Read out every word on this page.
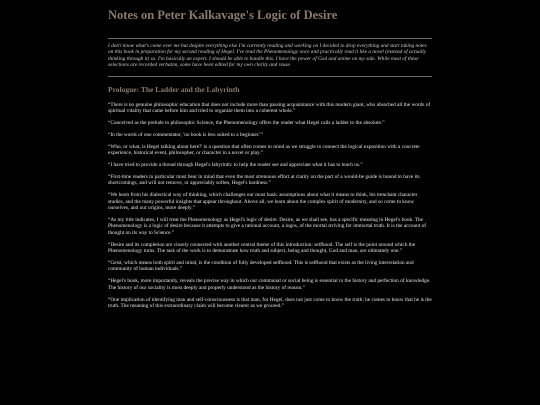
Notes on Peter Kalkavage's Logic of Desire

I don't know what's come over me but despite everything else I'm currently reading and working on I decided to drop everything and start taking notes on this book in preparation for my second reading of Hegel. I've read the Phenomenology once and practically read it like a novel (instead of actually thinking through it) so. I'm basically an expert. I should be able to handle this. I have the power of God and anime on my side. While most of these selections are recorded verbatim, some have been edited for my own clarity and reuse.

Prologue: The Ladder and the Labyrinth

“There is no genuine philosophic education that does not include more than passing acquaintance with this modern giant, who absorbed all the words of spiritual vitality that came before him and tried to organize them into a coherent whole.”

“Conceived as the prelude to philosophic Science, the Phenomenology offers the reader what Hegel calls a ladder to the absolute.”

“In the words of one commentator, 'no book is less suited to a beginner.'”

“Who, or what, is Hegel talking about here?' is a question that often comes to mind as we struggle to connect the logical exposition with a concrete experience, historical event, philosopher, or character in a novel or play.”

“I have tried to provide a thread through Hegel's labyrinth: to help the reader see and appreciate what it has to teach us.”

“First-time readers in particular must bear in mind that even the most strenuous effort at clarity on the part of a would-be guide is bound to have its shortcomings, and will not remove, or appreciably soften, Hegel's hardness.”

“We learn from his dialectical way of thinking, which challenges our most basic assumptions about what it means to think, his trenchant character studies, and the many powerful insights that appear throughout. Above all, we learn about the complex spirit of modernity, and so come to know ourselves, and our origins, more deeply.”

“As my title indicates, I will treat the Phenomenology as Hegel's logic of desire. Desire, as we shall see, has a specific meaning in Hegel's book. The Phenomenology is a logic of desire because it attempts to give a rational account, a logos, of the mortal striving for immortal truth. It is the account of thought on its way to Science.”

“Desire and its completion are closely connected with another central theme of this introduction: selfhood. The self is the point around which the Phenomenology turns. The task of the work is to demonstrate how truth and subject, being and thought, God and man, are ultimately one.”

“Geist, which means both spirit and mind, is the condition of fully developed selfhood. This is selfhood that exists as the living interrelation and community of human individuals.”

“Hegel's book, more importantly, reveals the precise way in which our communal or social being is essential to the history and perfection of knowledge. The history of our sociality is most deeply and properly understood as the history of reason.”

“One implication of identifying man and self-consciousness is that man, for Hegel, does not just come to know the truth: he comes to know that he is the truth. The meaning of this extraordinary claim will become clearer as we proceed.”
